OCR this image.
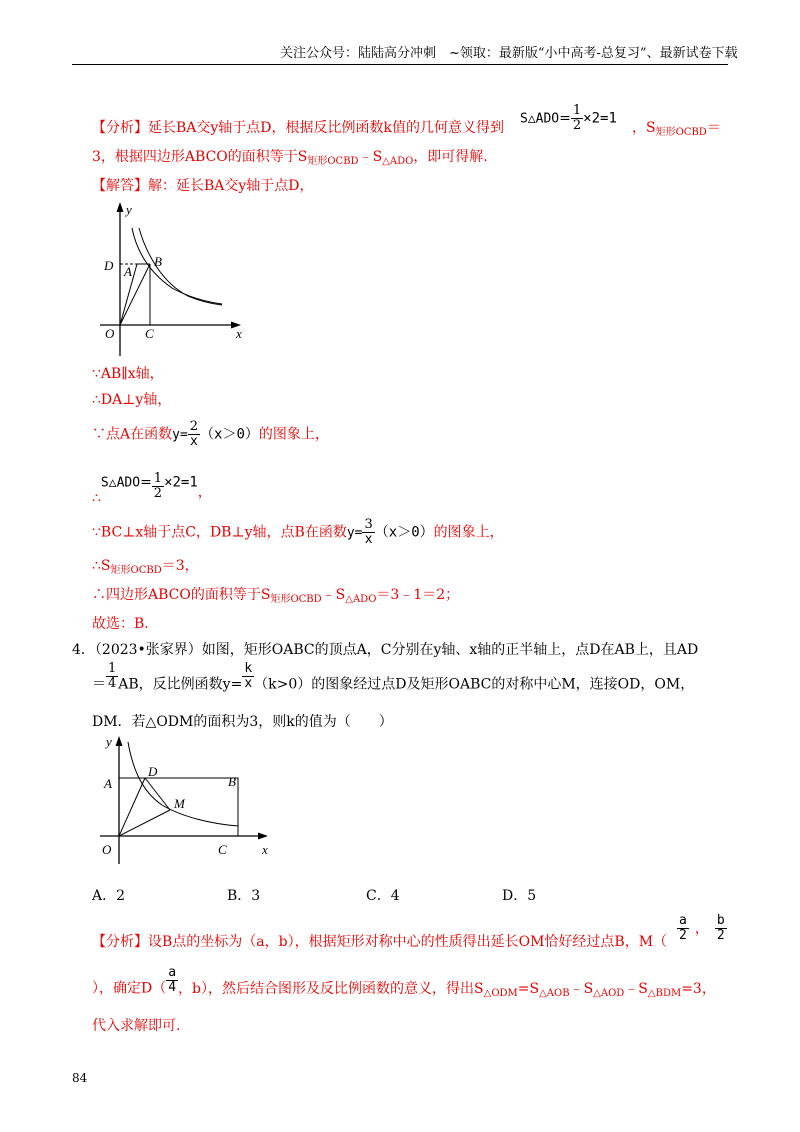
关注公众号：陆陆高分冲刺　~领取：最新版“小中高考-总复习”、最新试卷下载
【分析】延长BA交y轴于点D，根据反比例函数k值的几何意义得到
S△ADO= $\frac{1}{2} \times 2=1$
，$S_{矩形OCBD}=$
3，根据四边形ABCO的面积等于$S_{矩形OCBD}﹣S_{\triangle ADO}$，即可得解.
【解答】解：延长BA交y轴于点D，
y
x
D A
B
O C
∵AB∥x轴，
∴DA⊥y轴，
∵点A在函数$y= \frac{2}{x} (x>0)$的图象上，
∴S△ADO= $\frac{1}{2} \times 2=1$，
∵BC⊥x轴于点C，DB⊥y轴，点B在函数$y= \frac{3}{x} (x>0)$的图象上，
$\therefore S_{矩形OCBD}=3$，
∴四边形ABCO的面积等于$S_{矩形OCBD}﹣S_{\triangle ADO}=3﹣1=2$；
故选：B.
4．（2023•张家界）如图，矩形OABC的顶点A，C分别在y轴、x轴的正半轴上，点D在AB上，且AD
＝ $\frac{1}{4}$ AB，反比例函数$y= \frac{k}{x} (k>0)$的图象经过点D及矩形OABC的对称中心M，连接OD，OM，
DM．若△ODM的面积为3，则k的值为（　　）
y
x
A
D
B
M
O	C
A．2	B．3	C．4	D．5
【分析】设B点的坐标为（a，b），根据矩形对称中心的性质得出延长OM恰好经过点B，$M( \frac{a}{2}$ ， $\frac{b}{2}$
），确定$D( \frac{a}{4}$ ，b），然后结合图形及反比例函数的意义，得出$S_{\triangle ODM}=S_{\triangle AOB}﹣S_{\triangle AOD}﹣S_{\triangle BDM}=3$，
代入求解即可.
84
